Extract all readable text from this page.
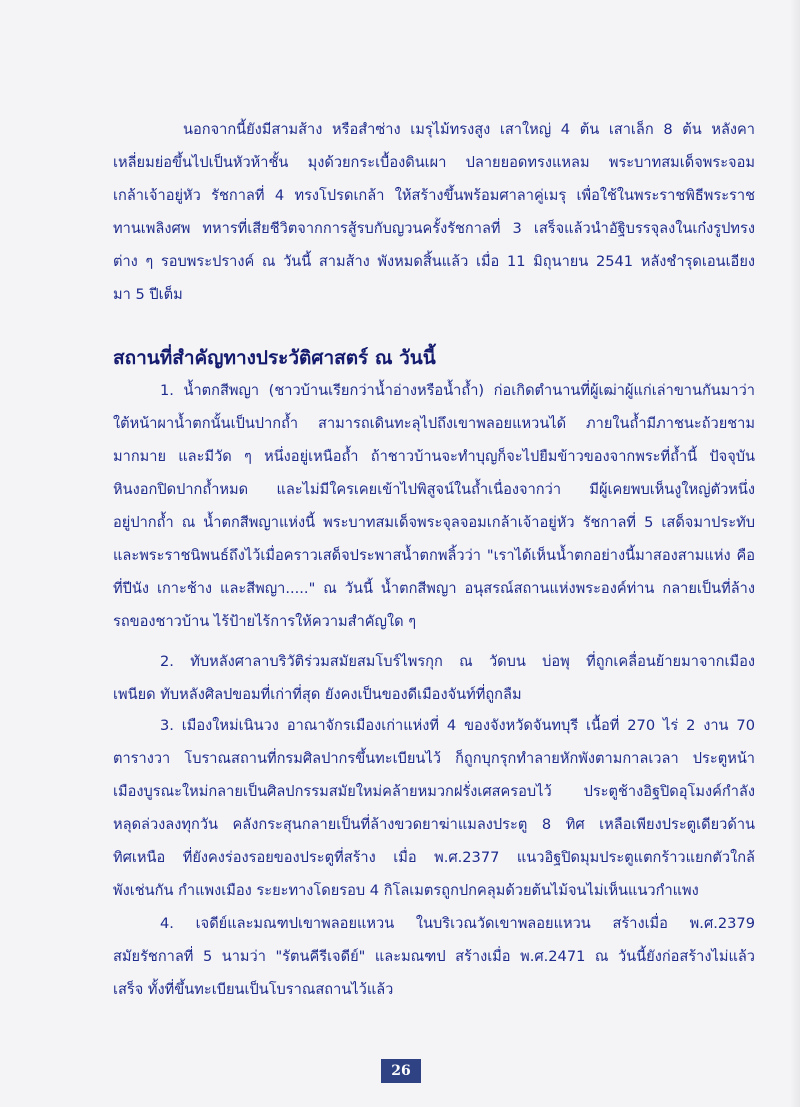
นอกจากนี้ยังมีสามส้าง หรือสำซ่าง เมรุไม้ทรงสูง เสาใหญ่ 4 ต้น เสาเล็ก 8 ต้น หลังคา
เหลี่ยมย่อขึ้นไปเป็นหัวห้าชั้น มุงด้วยกระเบื้องดินเผา ปลายยอดทรงแหลม พระบาทสมเด็จพระจอม
เกล้าเจ้าอยู่หัว รัชกาลที่ 4 ทรงโปรดเกล้า ให้สร้างขึ้นพร้อมศาลาคู่เมรุ เพื่อใช้ในพระราชพิธีพระราช
ทานเพลิงศพ ทหารที่เสียชีวิตจากการสู้รบกับญวนครั้งรัชกาลที่ 3 เสร็จแล้วนำอัฐิบรรจุลงในเก๋งรูปทรง
ต่าง ๆ รอบพระปรางค์ ณ วันนี้ สามส้าง พังหมดสิ้นแล้ว เมื่อ 11 มิถุนายน 2541 หลังชำรุดเอนเอียง
มา 5 ปีเต็ม
สถานที่สำคัญทางประวัติศาสตร์ ณ วันนี้
1. น้ำตกสีพญา (ชาวบ้านเรียกว่าน้ำอ่างหรือน้ำถ้ำ) ก่อเกิดตำนานที่ผู้เฒ่าผู้แก่เล่าขานกันมาว่า
ใต้หน้าผาน้ำตกนั้นเป็นปากถ้ำ สามารถเดินทะลุไปถึงเขาพลอยแหวนได้ ภายในถ้ำมีภาชนะถ้วยชาม
มากมาย และมีวัด ๆ หนึ่งอยู่เหนือถ้ำ ถ้าชาวบ้านจะทำบุญก็จะไปยืมข้าวของจากพระที่ถ้ำนี้ ปัจจุบัน
หินงอกปิดปากถ้ำหมด และไม่มีใครเคยเข้าไปพิสูจน์ในถ้ำเนื่องจากว่า มีผู้เคยพบเห็นงูใหญ่ตัวหนึ่ง
อยู่ปากถ้ำ ณ น้ำตกสีพญาแห่งนี้ พระบาทสมเด็จพระจุลจอมเกล้าเจ้าอยู่หัว รัชกาลที่ 5 เสด็จมาประทับ
และพระราชนิพนธ์ถึงไว้เมื่อคราวเสด็จประพาสน้ำตกพลิ้วว่า "เราได้เห็นน้ำตกอย่างนี้มาสองสามแห่ง คือ
ที่ปีนัง เกาะช้าง และสีพญา....." ณ วันนี้ น้ำตกสีพญา อนุสรณ์สถานแห่งพระองค์ท่าน กลายเป็นที่ล้าง
รถของชาวบ้าน ไร้ป้ายไร้การให้ความสำคัญใด ๆ
2. ทับหลังศาลาบริวัติร่วมสมัยสมโบร์ไพรกุก ณ วัดบน บ่อพุ ที่ถูกเคลื่อนย้ายมาจากเมือง
เพนียด ทับหลังศิลปขอมที่เก่าที่สุด ยังคงเป็นของดีเมืองจันท์ที่ถูกลืม
3. เมืองใหม่เนินวง อาณาจักรเมืองเก่าแห่งที่ 4 ของจังหวัดจันทบุรี เนื้อที่ 270 ไร่ 2 งาน 70
ตารางวา โบราณสถานที่กรมศิลปากรขึ้นทะเบียนไว้ ก็ถูกบุกรุกทำลายหักพังตามกาลเวลา ประตูหน้า
เมืองบูรณะใหม่กลายเป็นศิลปกรรมสมัยใหม่คล้ายหมวกฝรั่งเศสครอบไว้ ประตูช้างอิฐปิดอุโมงค์กำลัง
หลุดล่วงลงทุกวัน คลังกระสุนกลายเป็นที่ล้างขวดยาฆ่าแมลงประตู 8 ทิศ เหลือเพียงประตูเดียวด้าน
ทิศเหนือ ที่ยังคงร่องรอยของประตูที่สร้าง เมื่อ พ.ศ.2377 แนวอิฐปิดมุมประตูแตกร้าวแยกตัวใกล้
พังเช่นกัน กำแพงเมือง ระยะทางโดยรอบ 4 กิโลเมตรถูกปกคลุมด้วยต้นไม้จนไม่เห็นแนวกำแพง
4. เจดีย์และมณฑปเขาพลอยแหวน ในบริเวณวัดเขาพลอยแหวน สร้างเมื่อ พ.ศ.2379
สมัยรัชกาลที่ 5 นามว่า "รัตนคีรีเจดีย์" และมณฑป สร้างเมื่อ พ.ศ.2471 ณ วันนี้ยังก่อสร้างไม่แล้ว
เสร็จ ทั้งที่ขึ้นทะเบียนเป็นโบราณสถานไว้แล้ว
26
